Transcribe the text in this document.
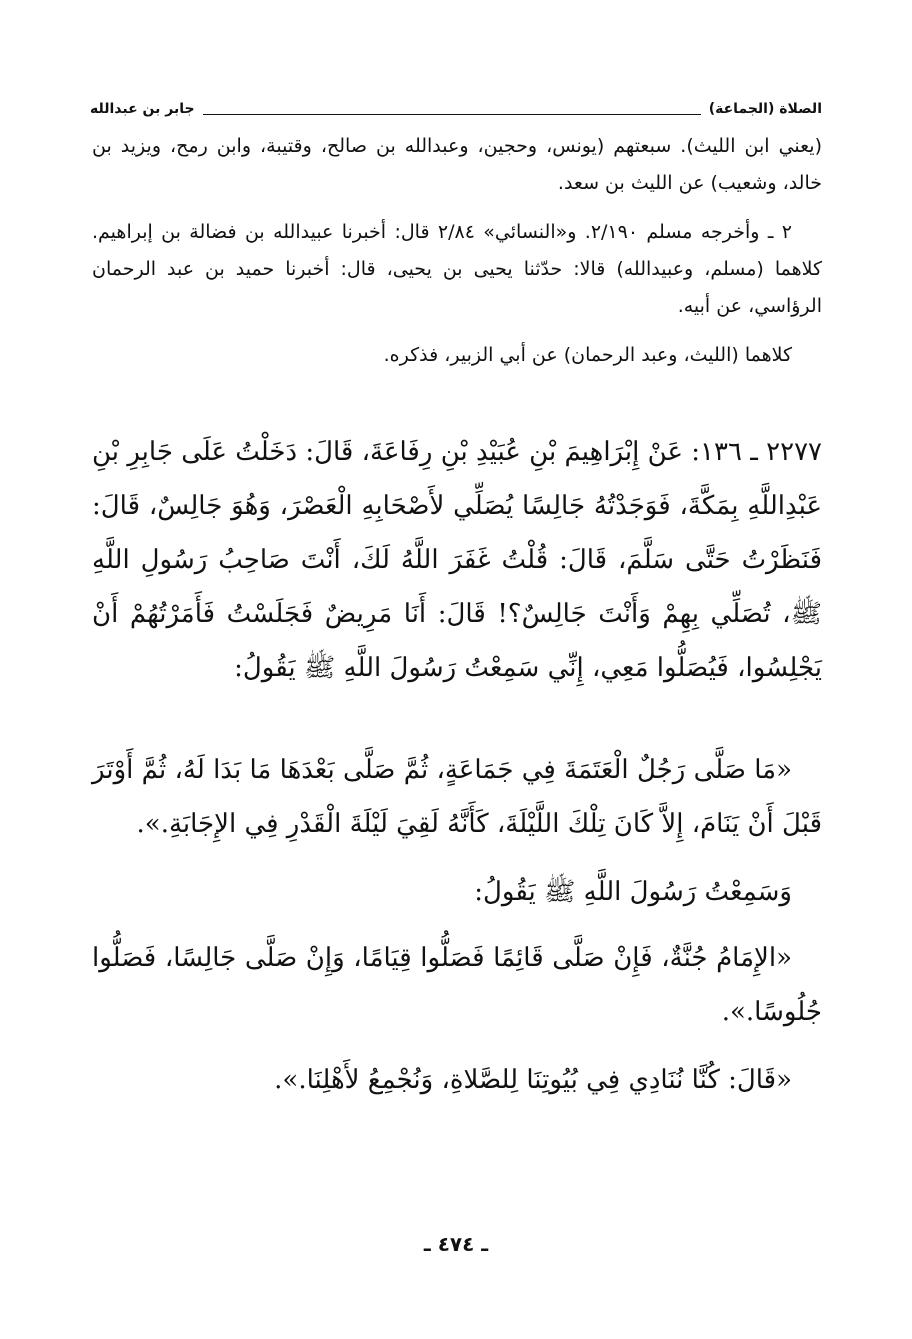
الصلاة (الجماعة)
جابر بن عبدالله

(يعني ابن الليث). سبعتهم (يونس، وحجين، وعبدالله بن صالح، وقتيبة، وابن رمح، ويزيد بن خالد، وشعيب) عن الليث بن سعد.

٢ ـ وأخرجه مسلم ٢/١٩٠. و«النسائي» ٢/٨٤ قال: أخبرنا عبيدالله بن فضالة بن إبراهيم. كلاهما (مسلم، وعبيدالله) قالا: حدّثنا يحيى بن يحيى، قال: أخبرنا حميد بن عبد الرحمان الرؤاسي، عن أبيه.

كلاهما (الليث، وعبد الرحمان) عن أبي الزبير، فذكره.

٢٢٧٧ ـ ١٣٦: عَنْ إِبْرَاهِيمَ بْنِ عُبَيْدِ بْنِ رِفَاعَةَ، قَالَ: دَخَلْتُ عَلَى جَابِرِ بْنِ عَبْدِاللَّهِ بِمَكَّةَ، فَوَجَدْتُهُ جَالِسًا يُصَلِّي لأَصْحَابِهِ الْعَصْرَ، وَهُوَ جَالِسٌ، قَالَ: فَنَظَرْتُ حَتَّى سَلَّمَ، قَالَ: قُلْتُ غَفَرَ اللَّهُ لَكَ، أَنْتَ صَاحِبُ رَسُولِ اللَّهِ ﷺ، تُصَلِّي بِهِمْ وَأَنْتَ جَالِسٌ؟! قَالَ: أَنَا مَرِيضٌ فَجَلَسْتُ فَأَمَرْتُهُمْ أَنْ يَجْلِسُوا، فَيُصَلُّوا مَعِي، إِنِّي سَمِعْتُ رَسُولَ اللَّهِ ﷺ يَقُولُ:

«مَا صَلَّى رَجُلٌ الْعَتَمَةَ فِي جَمَاعَةٍ، ثُمَّ صَلَّى بَعْدَهَا مَا بَدَا لَهُ، ثُمَّ أَوْتَرَ قَبْلَ أَنْ يَنَامَ، إِلاَّ كَانَ تِلْكَ اللَّيْلَةَ، كَأَنَّهُ لَقِيَ لَيْلَةَ الْقَدْرِ فِي الإِجَابَةِ.».

وَسَمِعْتُ رَسُولَ اللَّهِ ﷺ يَقُولُ:

«الإِمَامُ جُنَّةٌ، فَإِنْ صَلَّى قَائِمًا فَصَلُّوا قِيَامًا، وَإِنْ صَلَّى جَالِسًا، فَصَلُّوا جُلُوسًا.».

«قَالَ: كُنَّا نُنَادِي فِي بُيُوتِنَا لِلصَّلاةِ، وَنُجْمِعُ لأَهْلِنَا.».

ـ ٤٧٤ ـ
